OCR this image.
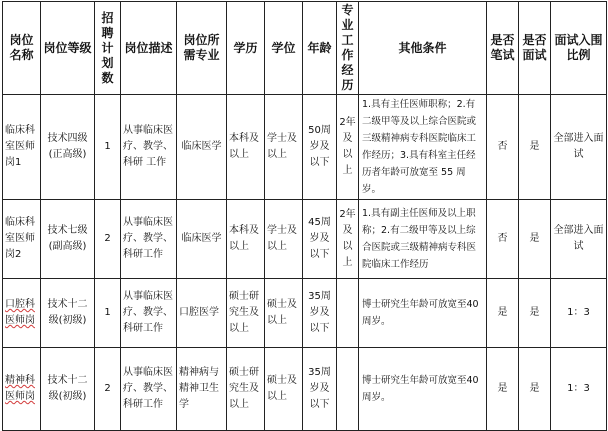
岗位名称	岗位等级	招聘计划数	岗位描述	岗位所需专业	学历	学位	年龄	专业工作经历	其他条件	是否笔试	是否面试	面试入围比例
临床科室医师岗1	技术四级(正高级)	1	从事临床医疗、教学、科研 工作	临床医学	本科及以上	学士及以上	50周岁及以下	2年及以上	1.具有主任医师职称；2.有二级甲等及以上综合医院或三级精神病专科医院临床工作经历；3.具有科室主任经历者年龄可放宽至 55 周岁。	否	是	全部进入面试
临床科室医师岗2	技术七级(副高级)	2	从事临床医疗、教学、科研工作	临床医学	本科及以上	学士及以上	45周岁及以下	2年及以上	1.具有副主任医师及以上职称；2.有二级甲等及以上综合医院或三级精神病专科医院临床工作经历	否	是	全部进入面试
口腔科医师岗	技术十二级(初级)	1	从事临床医疗、教学、科研工作	口腔医学	硕士研究生及以上	硕士及以上	35周岁及以下		博士研究生年龄可放宽至40周岁。	是	是	1：3
精神科医师岗	技术十二级(初级)	2	从事临床医疗、教学、科研工作	精神病与精神卫生学	硕士研究生及以上	硕士及以上	35周岁及以下		博士研究生年龄可放宽至40周岁。	是	是	1：3
